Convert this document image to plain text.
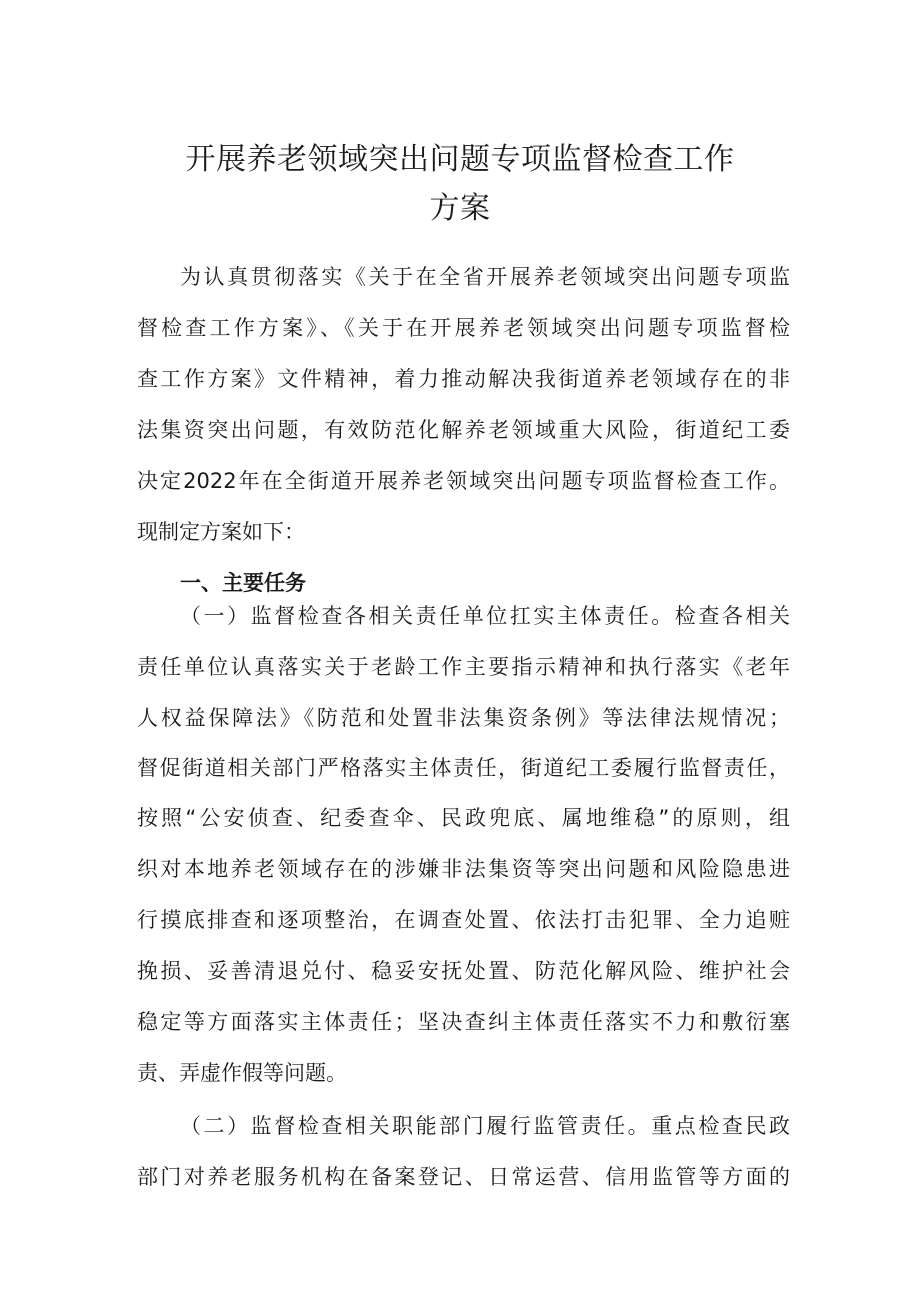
开展养老领域突出问题专项监督检查工作
方案
为认真贯彻落实《关于在全省开展养老领域突出问题专项监
督检查工作方案》、《关于在开展养老领域突出问题专项监督检
查工作方案》文件精神，着力推动解决我街道养老领域存在的非
法集资突出问题，有效防范化解养老领域重大风险，街道纪工委
决定2022年在全街道开展养老领域突出问题专项监督检查工作。
现制定方案如下：
一、主要任务
（一）监督检查各相关责任单位扛实主体责任。检查各相关
责任单位认真落实关于老龄工作主要指示精神和执行落实《老年
人权益保障法》《防范和处置非法集资条例》等法律法规情况；
督促街道相关部门严格落实主体责任，街道纪工委履行监督责任，
按照“公安侦查、纪委查伞、民政兜底、属地维稳”的原则，组
织对本地养老领域存在的涉嫌非法集资等突出问题和风险隐患进
行摸底排查和逐项整治，在调查处置、依法打击犯罪、全力追赃
挽损、妥善清退兑付、稳妥安抚处置、防范化解风险、维护社会
稳定等方面落实主体责任；坚决查纠主体责任落实不力和敷衍塞
责、弄虚作假等问题。
（二）监督检查相关职能部门履行监管责任。重点检查民政
部门对养老服务机构在备案登记、日常运营、信用监管等方面的
